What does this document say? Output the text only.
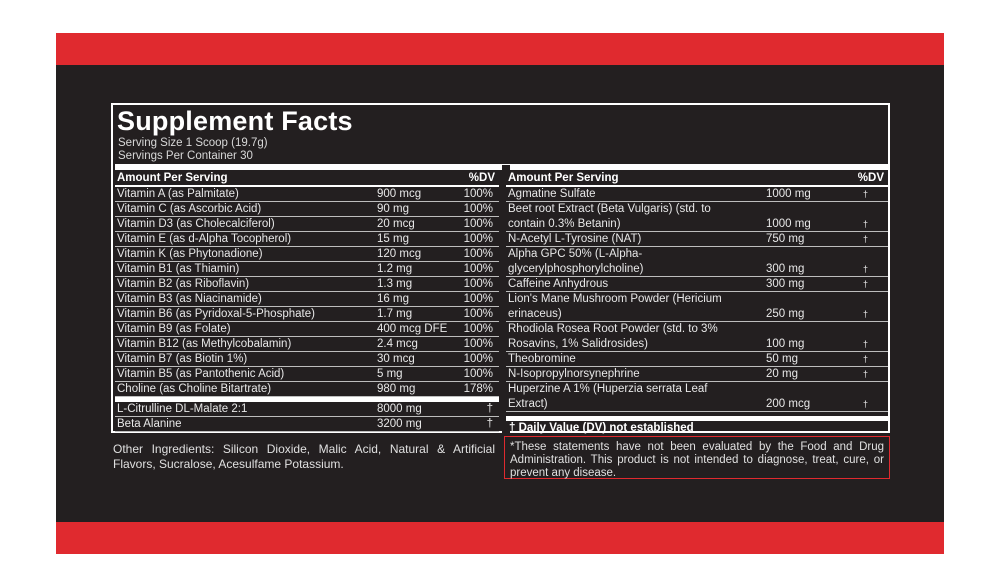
Supplement Facts
Serving Size 1 Scoop (19.7g)
Servings Per Container 30
Amount Per Serving	%DV
Vitamin A (as Palmitate)	900 mcg	100%
Vitamin C (as Ascorbic Acid)	90 mg	100%
Vitamin D3 (as Cholecalciferol)	20 mcg	100%
Vitamin E (as d-Alpha Tocopherol)	15 mg	100%
Vitamin K (as Phytonadione)	120 mcg	100%
Vitamin B1 (as Thiamin)	1.2 mg	100%
Vitamin B2 (as Riboflavin)	1.3 mg	100%
Vitamin B3 (as Niacinamide)	16 mg	100%
Vitamin B6 (as Pyridoxal-5-Phosphate)	1.7 mg	100%
Vitamin B9 (as Folate)	400 mcg DFE 100%
Vitamin B12 (as Methylcobalamin)	2.4 mcg	100%
Vitamin B7 (as Biotin 1%)	30 mcg	100%
Vitamin B5 (as Pantothenic Acid)	5 mg	100%
Choline (as Choline Bitartrate)	980 mg	178%
L-Citrulline DL-Malate 2:1	8000 mg	†
Beta Alanine	3200 mg	†
Amount Per Serving	%DV
Agmatine Sulfate	1000 mg	†
Beet root Extract (Beta Vulgaris) (std. to contain 0.3% Betanin)	1000 mg	†
N-Acetyl L-Tyrosine (NAT)	750 mg	†
Alpha GPC 50% (L-Alpha-glycerylphosphorylcholine)	300 mg	†
Caffeine Anhydrous	300 mg	†
Lion's Mane Mushroom Powder (Hericium erinaceus)	250 mg	†
Rhodiola Rosea Root Powder (std. to 3% Rosavins, 1% Salidrosides)	100 mg	†
Theobromine	50 mg	†
N-Isopropylnorsynephrine	20 mg	†
Huperzine A 1% (Huperzia serrata Leaf Extract)	200 mcg	†
† Daily Value (DV) not established
Other Ingredients: Silicon Dioxide, Malic Acid, Natural & Artificial Flavors, Sucralose, Acesulfame Potassium.
*These statements have not been evaluated by the Food and Drug Administration. This product is not intended to diagnose, treat, cure, or prevent any disease.
